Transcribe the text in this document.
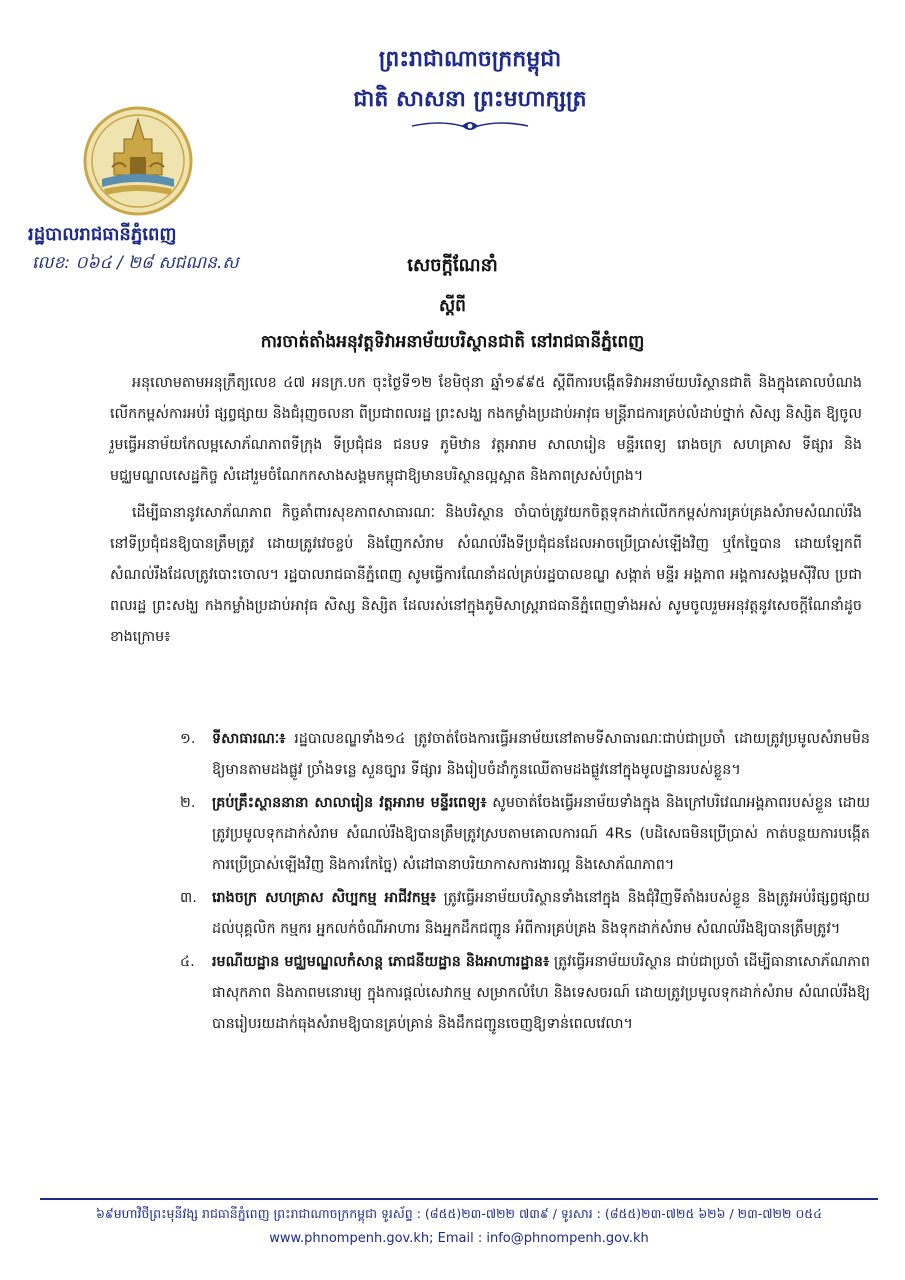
ព្រះរាជាណាចក្រកម្ពុជា
ជាតិ សាសនា ព្រះមហាក្សត្រ
រដ្ឋបាលរាជធានីភ្នំពេញ
លេខ: ០៦៤ / ២៨ សជណន.ស	សេចក្តីណែនាំ
ស្តីពី
ការចាត់តាំងអនុវត្តទិវាអនាម័យបរិស្ថានជាតិ នៅរាជធានីភ្នំពេញ

អនុលោមតាមអនុក្រឹត្យលេខ ៤៧ អនក្រ.បក ចុះថ្ងៃទី១២ ខែមិថុនា ឆ្នាំ១៩៩៥ ស្តីពីការបង្កើតទិវាអនាម័យបរិស្ថានជាតិ និងក្នុងគោលបំណងលើកកម្ពស់ការអប់រំ ផ្សព្វផ្សាយ និងជំរុញចលនា ពីប្រជាពលរដ្ឋ ព្រះសង្ឃ កងកម្លាំងប្រដាប់អាវុធ មន្ត្រីរាជការគ្រប់លំដាប់ថ្នាក់ សិស្ស និស្សិត ឱ្យចូលរួមធ្វើអនាម័យកែលម្អសោភ័ណភាពទីក្រុង ទីប្រជុំជន ជនបទ ភូមិឋាន វត្តអារាម សាលារៀន មន្ទីរពេទ្យ រោងចក្រ សហគ្រាស ទីផ្សារ និងមជ្ឈមណ្ឌលសេដ្ឋកិច្ច សំដៅរួមចំណែកកសាងសង្គមកម្ពុជាឱ្យមានបរិស្ថានល្អស្អាត និងភាពស្រស់បំព្រង។

ដើម្បីធានានូវសោភ័ណភាព កិច្ចគាំពារសុខភាពសាធារណៈ និងបរិស្ថាន ចាំបាច់ត្រូវយកចិត្តទុកដាក់លើកកម្ពស់ការគ្រប់គ្រងសំរាមសំណល់រឹងនៅទីប្រជុំជនឱ្យបានត្រឹមត្រូវ ដោយត្រូវវេចខ្ចប់ និងញែកសំរាម សំណល់រឹងទីប្រជុំជនដែលអាចប្រើប្រាស់ឡើងវិញ ឬកែច្នៃបាន ដោយឡែកពីសំណល់រឹងដែលត្រូវបោះចោល។ រដ្ឋបាលរាជធានីភ្នំពេញ សូមធ្វើការណែនាំដល់គ្រប់រដ្ឋបាលខណ្ឌ សង្កាត់ មន្ទីរ អង្គភាព អង្គការសង្គមស៊ីវិល ប្រជាពលរដ្ឋ ព្រះសង្ឃ កងកម្លាំងប្រដាប់អាវុធ សិស្ស និស្សិត ដែលរស់នៅក្នុងភូមិសាស្ត្ររាជធានីភ្នំពេញទាំងអស់ សូមចូលរួមអនុវត្តនូវសេចក្តីណែនាំដូចខាងក្រោម៖

១.	ទីសាធារណៈ៖ រដ្ឋបាលខណ្ឌទាំង១៤ ត្រូវចាត់ចែងការធ្វើអនាម័យនៅតាមទីសាធារណៈជាប់ជាប្រចាំ ដោយត្រូវប្រមូលសំរាមមិនឱ្យមានតាមដងផ្លូវ ច្រាំងទន្លេ សួនច្បារ ទីផ្សារ និងរៀបចំដាំកូនឈើតាមដងផ្លូវនៅក្នុងមូលដ្ឋានរបស់ខ្លួន។
២.	គ្រប់គ្រឹះស្ថាននានា សាលារៀន វត្តអារាម មន្ទីរពេទ្យ៖ សូមចាត់ចែងធ្វើអនាម័យទាំងក្នុង និងក្រៅបរិវេណអង្គភាពរបស់ខ្លួន ដោយត្រូវប្រមូលទុកដាក់សំរាម សំណល់រឹងឱ្យបានត្រឹមត្រូវស្របតាមគោលការណ៍ 4Rs (បដិសេធមិនប្រើប្រាស់ កាត់បន្ថយការបង្កើត ការប្រើប្រាស់ឡើងវិញ និងការកែច្នៃ) សំដៅធានាបរិយាកាសការងារល្អ និងសោភ័ណភាព។
៣.	រោងចក្រ សហគ្រាស សិប្បកម្ម អាជីវកម្ម៖ ត្រូវធ្វើអនាម័យបរិស្ថានទាំងនៅក្នុង និងជុំវិញទីតាំងរបស់ខ្លួន និងត្រូវអប់រំផ្សព្វផ្សាយដល់បុគ្គលិក កម្មករ អ្នកលក់ចំណីអាហារ និងអ្នកដឹកជញ្ជូន អំពីការគ្រប់គ្រង និងទុកដាក់សំរាម សំណល់រឹងឱ្យបានត្រឹមត្រូវ។
៤.	រមណីយដ្ឋាន មជ្ឈមណ្ឌលកំសាន្ត ភោជនីយដ្ឋាន និងអាហារដ្ឋាន៖ ត្រូវធ្វើអនាម័យបរិស្ថាន ជាប់ជាប្រចាំ ដើម្បីធានាសោភ័ណភាព ផាសុកភាព និងភាពមនោរម្យ ក្នុងការផ្តល់សេវាកម្ម សម្រាកលំហែ និងទេសចរណ៍ ដោយត្រូវប្រមូលទុកដាក់សំរាម សំណល់រឹងឱ្យបានរៀបរយដាក់ធុងសំរាមឱ្យបានគ្រប់គ្រាន់ និងដឹកជញ្ជូនចេញឱ្យទាន់ពេលវេលា។
៦៩មហាវិថីព្រះមុនីវង្ស រាជធានីភ្នំពេញ ព្រះរាជាណាចក្រកម្ពុជា ទូរស័ព្ទ : (៨៥៥)២៣-៧២២ ៧៣៩ / ទូរសារ : (៨៥៥)២៣-៧២៥ ៦២៦ / ២៣-៧២២ ០៥៤
www.phnompenh.gov.kh; Email : info@phnompenh.gov.kh
